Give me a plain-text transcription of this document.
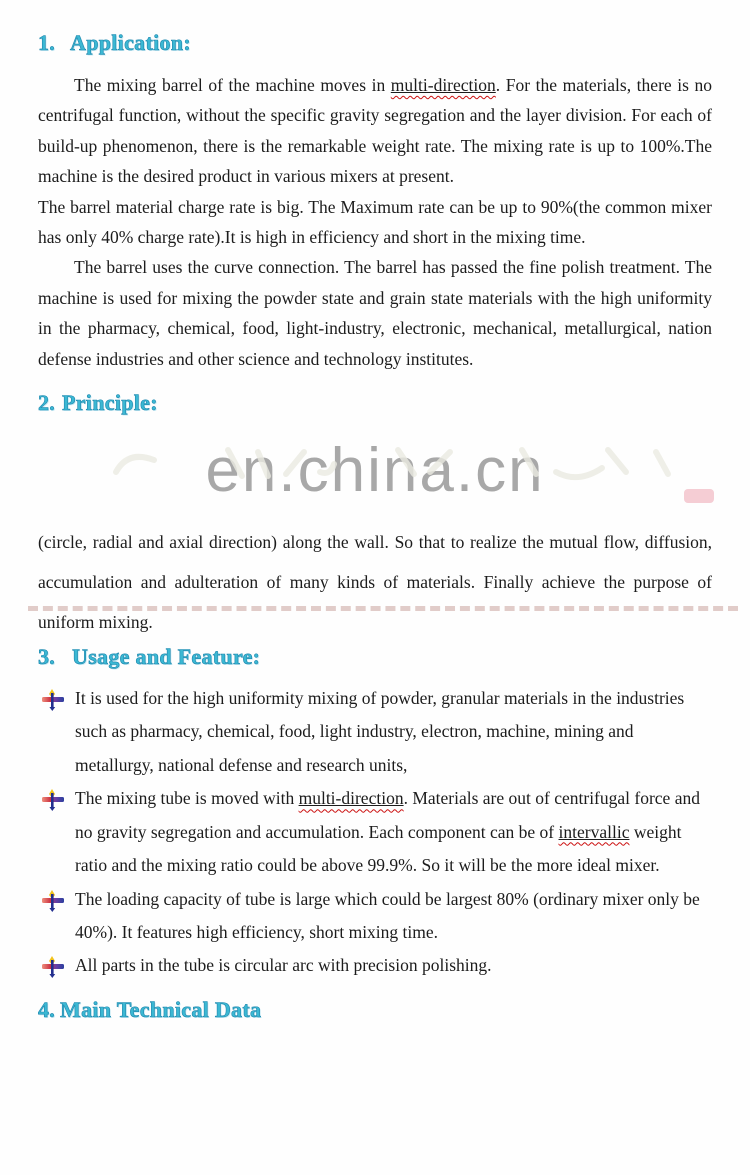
1. Application:

The mixing barrel of the machine moves in multi-direction. For the materials, there is no centrifugal function, without the specific gravity segregation and the layer division. For each of build-up phenomenon, there is the remarkable weight rate. The mixing rate is up to 100%.The machine is the desired product in various mixers at present.

The barrel material charge rate is big. The Maximum rate can be up to 90%(the common mixer has only 40% charge rate).It is high in efficiency and short in the mixing time.

The barrel uses the curve connection. The barrel has passed the fine polish treatment. The machine is used for mixing the powder state and grain state materials with the high uniformity in the pharmacy, chemical, food, light-industry, electronic, mechanical, metallurgical, nation defense industries and other science and technology institutes.

2. Principle:
en.china.cn

(circle, radial and axial direction) along the wall. So that to realize the mutual flow, diffusion, accumulation and adulteration of many kinds of materials. Finally achieve the purpose of uniform mixing.

3. Usage and Feature:
It is used for the high uniformity mixing of powder, granular materials in the industries such as pharmacy, chemical, food, light industry, electron, machine, mining and metallurgy, national defense and research units,
The mixing tube is moved with multi-direction. Materials are out of centrifugal force and no gravity segregation and accumulation. Each component can be of intervallic weight ratio and the mixing ratio could be above 99.9%. So it will be the more ideal mixer.
The loading capacity of tube is large which could be largest 80% (ordinary mixer only be 40%). It features high efficiency, short mixing time.
All parts in the tube is circular arc with precision polishing.
4. Main Technical Data
